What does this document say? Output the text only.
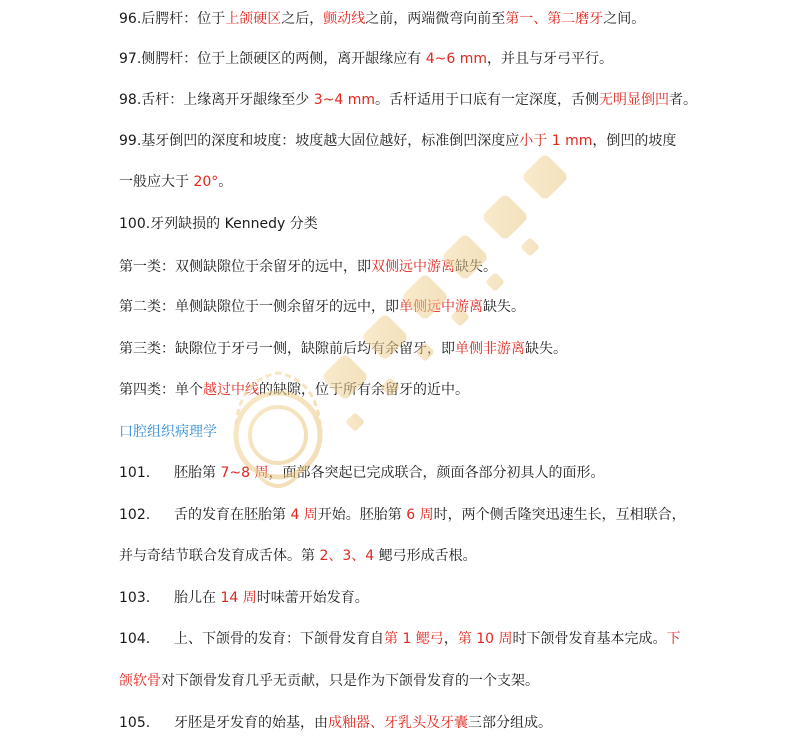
96.后腭杆：位于上颌硬区之后，颤动线之前，两端微弯向前至第一、第二磨牙之间。
97.侧腭杆：位于上颌硬区的两侧，离开龈缘应有 4~6 mm，并且与牙弓平行。
98.舌杆：上缘离开牙龈缘至少 3~4 mm。舌杆适用于口底有一定深度，舌侧无明显倒凹者。
99.基牙倒凹的深度和坡度：坡度越大固位越好，标准倒凹深度应小于 1 mm，倒凹的坡度
一般应大于 20°。
100.牙列缺损的 Kennedy 分类
第一类：双侧缺隙位于余留牙的远中，即双侧远中游离缺失。
第二类：单侧缺隙位于一侧余留牙的远中，即单侧远中游离缺失。
第三类：缺隙位于牙弓一侧，缺隙前后均有余留牙，即单侧非游离缺失。
第四类：单个越过中线的缺隙，位于所有余留牙的近中。
口腔组织病理学
101. 胚胎第 7~8 周，面部各突起已完成联合，颜面各部分初具人的面形。
102. 舌的发育在胚胎第 4 周开始。胚胎第 6 周时，两个侧舌隆突迅速生长，互相联合，
并与奇结节联合发育成舌体。第 2、3、4 鳃弓形成舌根。
103. 胎儿在 14 周时味蕾开始发育。
104. 上、下颌骨的发育：下颌骨发育自第 1 鳃弓，第 10 周时下颌骨发育基本完成。下
颌软骨对下颌骨发育几乎无贡献，只是作为下颌骨发育的一个支架。
105. 牙胚是牙发育的始基，由成釉器、牙乳头及牙囊三部分组成。
